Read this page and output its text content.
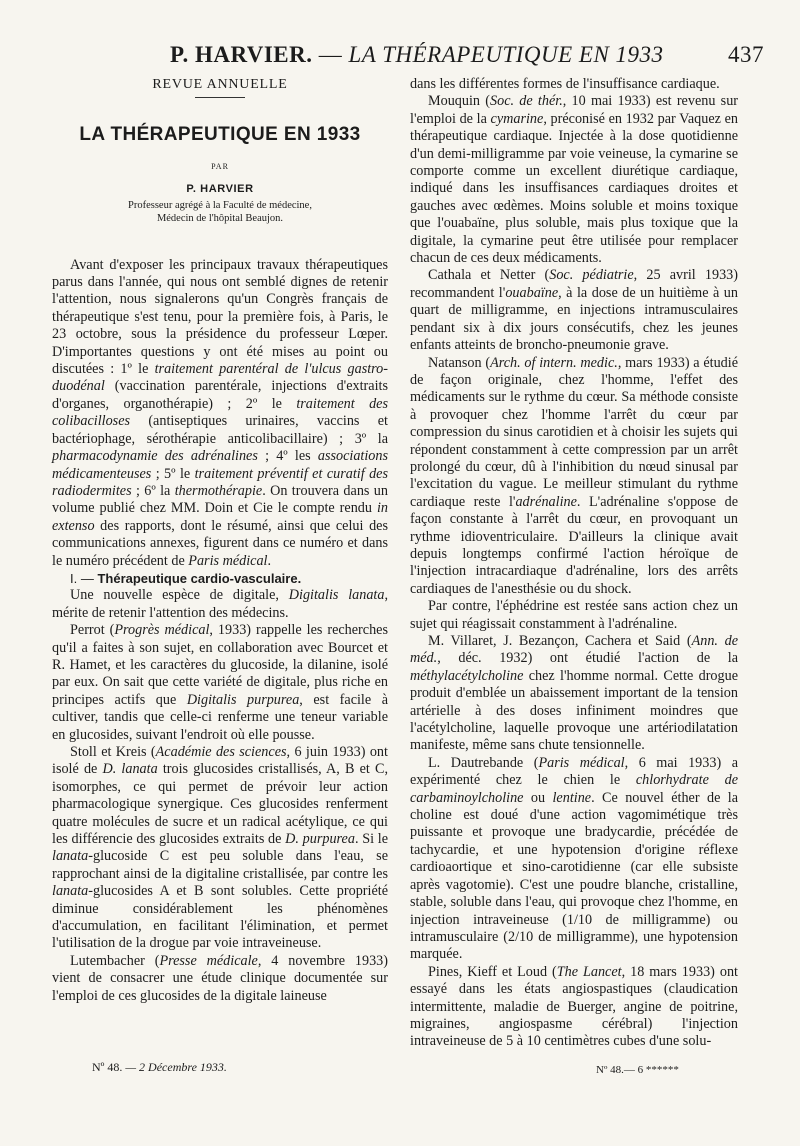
P. HARVIER. — LA THÉRAPEUTIQUE EN 1933	437
REVUE ANNUELLE
LA THÉRAPEUTIQUE EN 1933
PAR
P. HARVIER
Professeur agrégé à la Faculté de médecine,
Médecin de l'hôpital Beaujon.

Avant d'exposer les principaux travaux thérapeutiques parus dans l'année, qui nous ont semblé dignes de retenir l'attention, nous signalerons qu'un Congrès français de thérapeutique s'est tenu, pour la première fois, à Paris, le 23 octobre, sous la présidence du professeur Lœper. D'importantes questions y ont été mises au point ou discutées : 1º le traitement parentéral de l'ulcus gastro-duodénal (vaccination parentérale, injections d'extraits d'organes, organothérapie) ; 2º le traitement des colibacilloses (antiseptiques urinaires, vaccins et bactériophage, sérothérapie anticolibacillaire) ; 3º la pharmacodynamie des adrénalines ; 4º les associations médicamenteuses ; 5º le traitement préventif et curatif des radiodermites ; 6º la thermothérapie. On trouvera dans un volume publié chez MM. Doin et Cie le compte rendu in extenso des rapports, dont le résumé, ainsi que celui des communications annexes, figurent dans ce numéro et dans le numéro précédent de Paris médical.

I. — Thérapeutique cardio-vasculaire.

Une nouvelle espèce de digitale, Digitalis lanata, mérite de retenir l'attention des médecins.

Perrot (Progrès médical, 1933) rappelle les recherches qu'il a faites à son sujet, en collaboration avec Bourcet et R. Hamet, et les caractères du glucoside, la dilanine, isolé par eux. On sait que cette variété de digitale, plus riche en principes actifs que Digitalis purpurea, est facile à cultiver, tandis que celle-ci renferme une teneur variable en glucosides, suivant l'endroit où elle pousse.

Stoll et Kreis (Académie des sciences, 6 juin 1933) ont isolé de D. lanata trois glucosides cristallisés, A, B et C, isomorphes, ce qui permet de prévoir leur action pharmacologique synergique. Ces glucosides renferment quatre molécules de sucre et un radical acétylique, ce qui les différencie des glucosides extraits de D. purpurea. Si le lanata-glucoside C est peu soluble dans l'eau, se rapprochant ainsi de la digitaline cristallisée, par contre les lanata-glucosides A et B sont solubles. Cette propriété diminue considérablement les phénomènes d'accumulation, en facilitant l'élimination, et permet l'utilisation de la drogue par voie intraveineuse.

Lutembacher (Presse médicale, 4 novembre 1933) vient de consacrer une étude clinique documentée sur l'emploi de ces glucosides de la digitale laineuse

dans les différentes formes de l'insuffisance cardiaque.

Mouquin (Soc. de thér., 10 mai 1933) est revenu sur l'emploi de la cymarine, préconisé en 1932 par Vaquez en thérapeutique cardiaque. Injectée à la dose quotidienne d'un demi-milligramme par voie veineuse, la cymarine se comporte comme un excellent diurétique cardiaque, indiqué dans les insuffisances cardiaques droites et gauches avec œdèmes. Moins soluble et moins toxique que l'ouabaïne, plus soluble, mais plus toxique que la digitale, la cymarine peut être utilisée pour remplacer chacun de ces deux médicaments.

Cathala et Netter (Soc. pédiatrie, 25 avril 1933) recommandent l'ouabaïne, à la dose de un huitième à un quart de milligramme, en injections intramusculaires pendant six à dix jours consécutifs, chez les jeunes enfants atteints de broncho-pneumonie grave.

Natanson (Arch. of intern. medic., mars 1933) a étudié de façon originale, chez l'homme, l'effet des médicaments sur le rythme du cœur. Sa méthode consiste à provoquer chez l'homme l'arrêt du cœur par compression du sinus carotidien et à choisir les sujets qui répondent constamment à cette compression par un arrêt prolongé du cœur, dû à l'inhibition du nœud sinusal par l'excitation du vague. Le meilleur stimulant du rythme cardiaque reste l'adrénaline. L'adrénaline s'oppose de façon constante à l'arrêt du cœur, en provoquant un rythme idioventriculaire. D'ailleurs la clinique avait depuis longtemps confirmé l'action héroïque de l'injection intracardiaque d'adrénaline, lors des arrêts cardiaques de l'anesthésie ou du shock.

Par contre, l'éphédrine est restée sans action chez un sujet qui réagissait constamment à l'adrénaline.

M. Villaret, J. Bezançon, Cachera et Said (Ann. de méd., déc. 1932) ont étudié l'action de la méthylacétylcholine chez l'homme normal. Cette drogue produit d'emblée un abaissement important de la tension artérielle à des doses infiniment moindres que l'acétylcholine, laquelle provoque une artériodilatation manifeste, même sans chute tensionnelle.

L. Dautrebande (Paris médical, 6 mai 1933) a expérimenté chez le chien le chlorhydrate de carbaminoylcholine ou lentine. Ce nouvel éther de la choline est doué d'une action vagomimétique très puissante et provoque une bradycardie, précédée de tachycardie, et une hypotension d'origine réflexe cardioaortique et sino-carotidienne (car elle subsiste après vagotomie). C'est une poudre blanche, cristalline, stable, soluble dans l'eau, qui provoque chez l'homme, en injection intraveineuse (1/10 de milligramme) ou intramusculaire (2/10 de milligramme), une hypotension marquée.

Pines, Kieff et Loud (The Lancet, 18 mars 1933) ont essayé dans les états angiospastiques (claudication intermittente, maladie de Buerger, angine de poitrine, migraines, angiospasme cérébral) l'injection intraveineuse de 5 à 10 centimètres cubes d'une solu-

Nº 48. — 2 Décembre 1933.	Nº 48.— 6 ******
